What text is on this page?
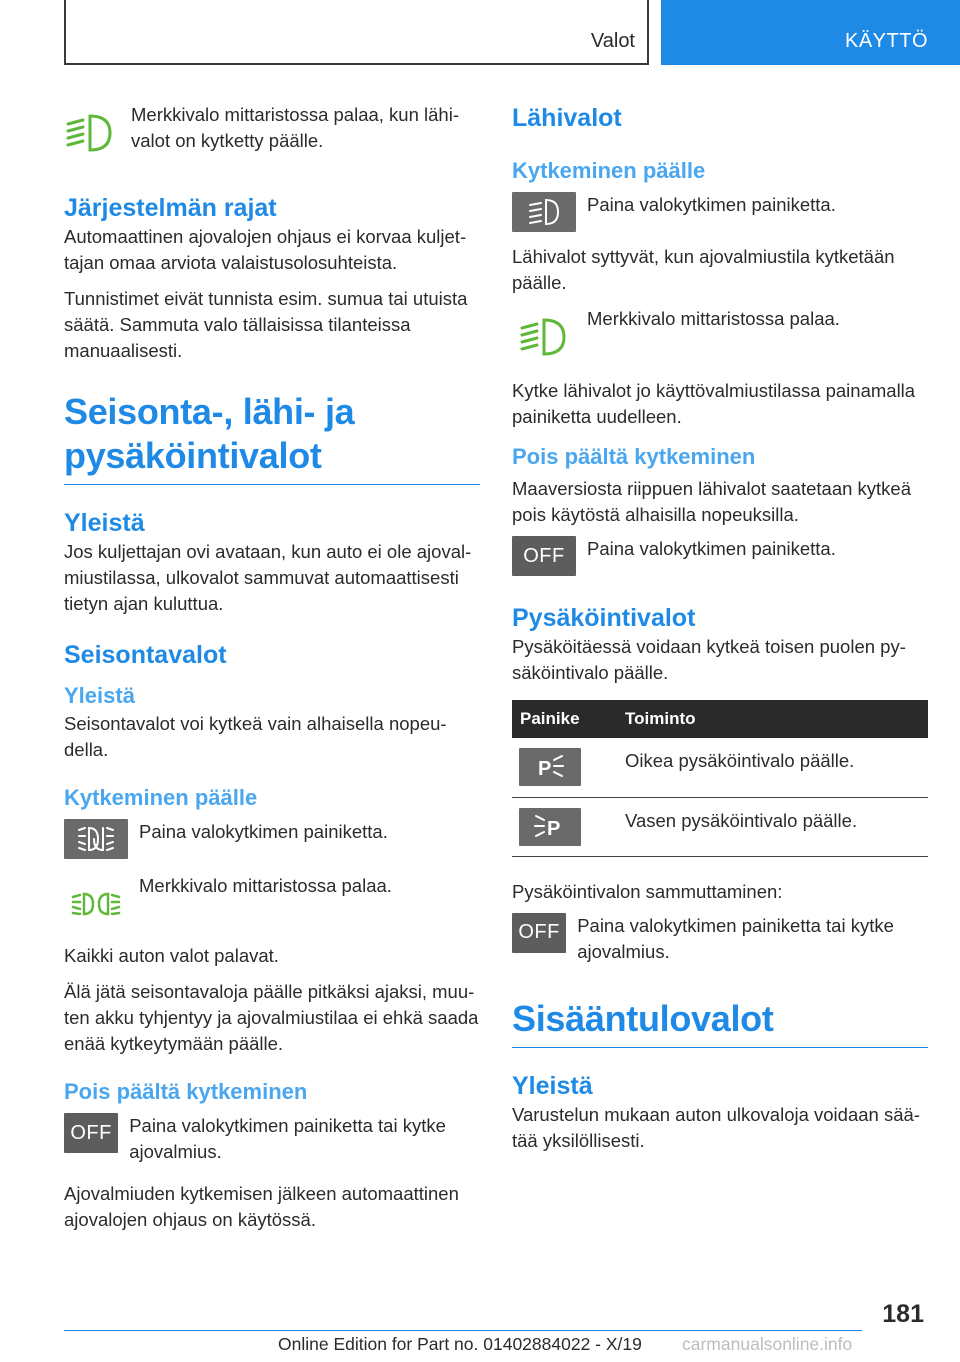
Valot	KÄYTTÖ

Merkkivalo mittaristossa palaa, kun lähi-valot on kytketty päälle.

Järjestelmän rajat

Automaattinen ajovalojen ohjaus ei korvaa kuljet-tajan omaa arviota valaistusolosuhteista.

Tunnistimet eivät tunnista esim. sumua tai utuista säätä. Sammuta valo tällaisissa tilanteissa manuaalisesti.

Seisonta-, lähi- ja pysäköintivalot
Yleistä

Jos kuljettajan ovi avataan, kun auto ei ole ajoval-miustilassa, ulkovalot sammuvat automaattisesti tietyn ajan kuluttua.

Seisontavalot
Yleistä

Seisontavalot voi kytkeä vain alhaisella nopeu-della.

Kytkeminen päälle

Paina valokytkimen painiketta.

Merkkivalo mittaristossa palaa.

Kaikki auton valot palavat.

Älä jätä seisontavaloja päälle pitkäksi ajaksi, muu-ten akku tyhjentyy ja ajovalmiustilaa ei ehkä saada enää kytkeytymään päälle.

Pois päältä kytkeminen
OFF Paina valokytkimen painiketta tai kytke ajovalmius.

Ajovalmiuden kytkemisen jälkeen automaattinen ajovalojen ohjaus on käytössä.

Lähivalot
Kytkeminen päälle

Paina valokytkimen painiketta.

Lähivalot syttyvät, kun ajovalmiustila kytketään päälle.

Merkkivalo mittaristossa palaa.

Kytke lähivalot jo käyttövalmiustilassa painamalla painiketta uudelleen.

Pois päältä kytkeminen

Maaversiosta riippuen lähivalot saatetaan kytkeä pois käytöstä alhaisilla nopeuksilla.

OFF Paina valokytkimen painiketta.

Pysäköintivalot

Pysäköitäessä voidaan kytkeä toisen puolen py-säköintivalo päälle.

Painike	Toiminto

P	Oikea pysäköintivalo päälle.

P	Vasen pysäköintivalo päälle.

Pysäköintivalon sammuttaminen:

OFF Paina valokytkimen painiketta tai kytke ajovalmius.

Sisääntulovalot
Yleistä

Varustelun mukaan auton ulkovaloja voidaan sää-tää yksilöllisesti.

181
Online Edition for Part no. 01402884022 - X/19 carmanualsonline.info
